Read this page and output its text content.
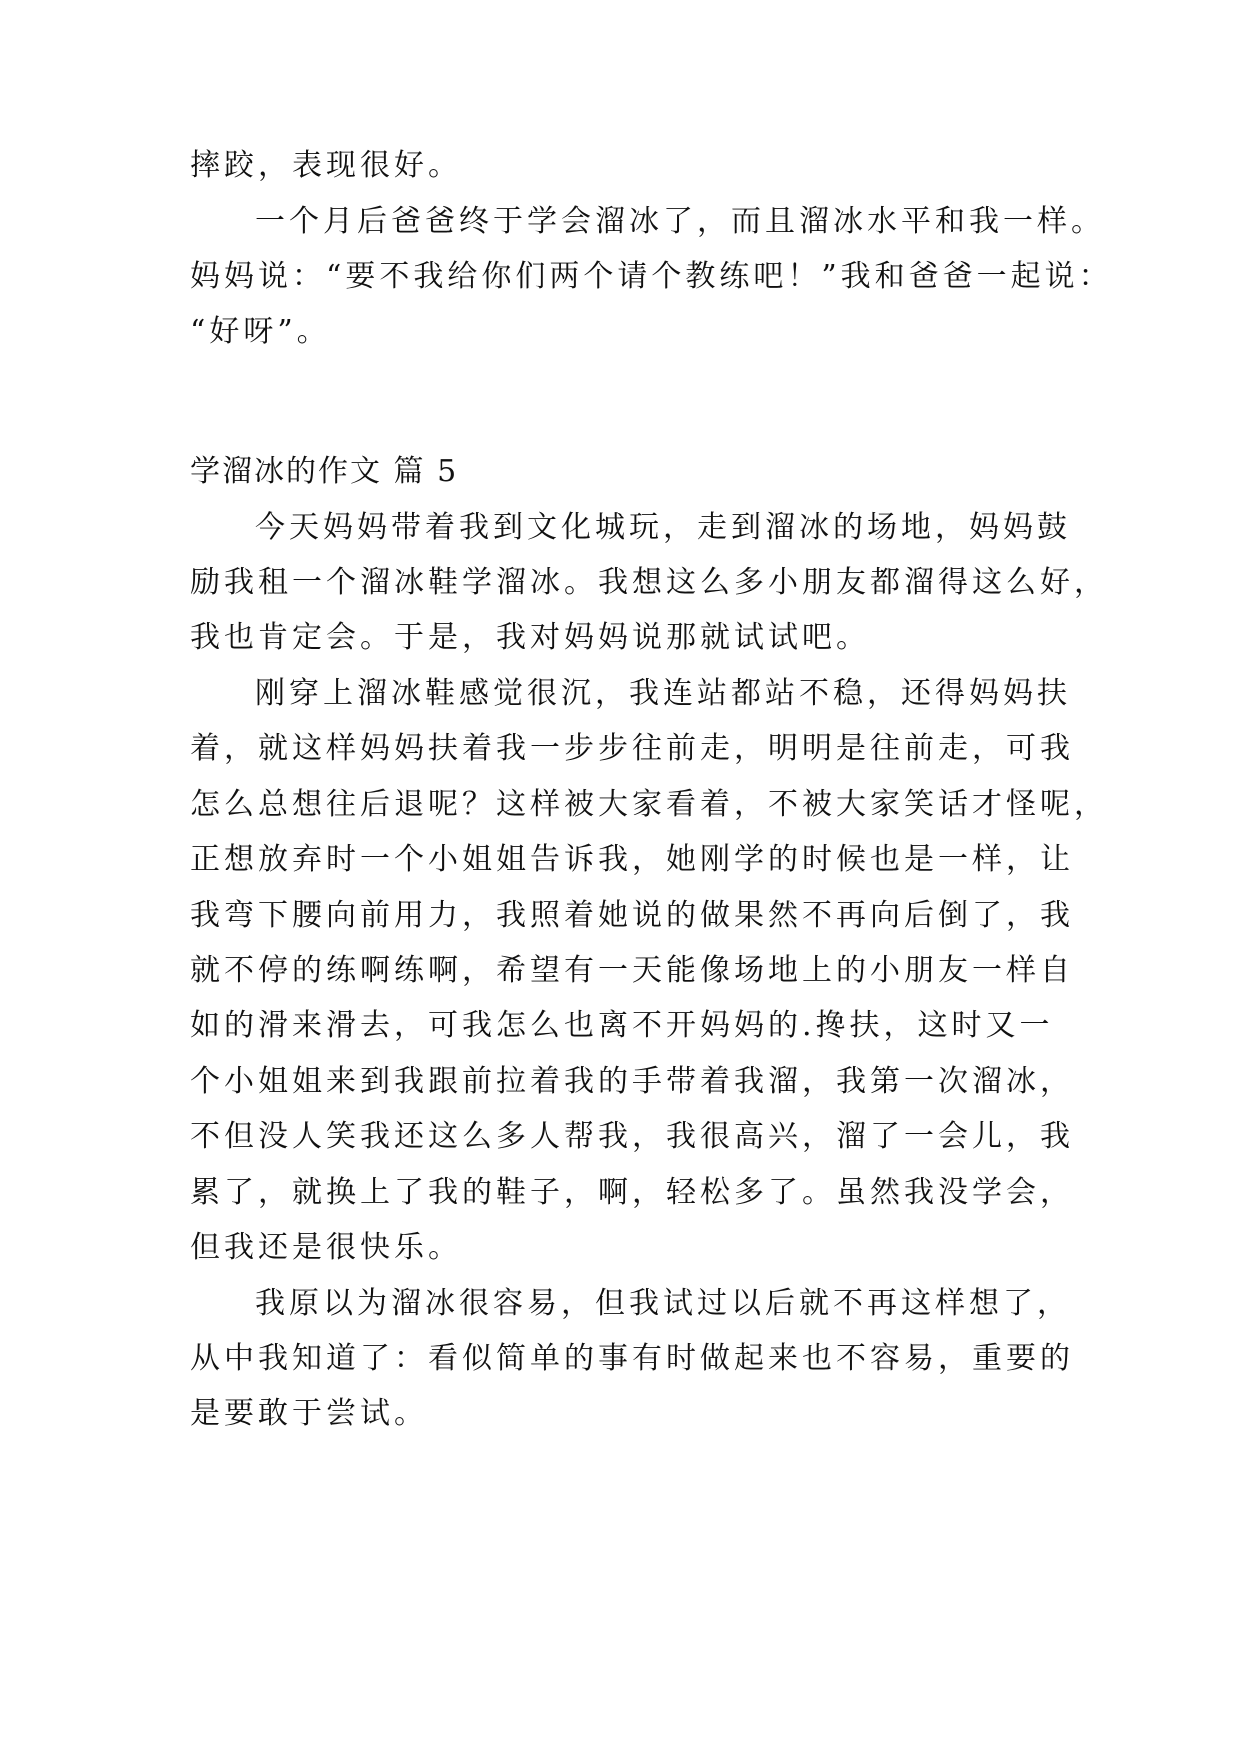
摔跤，表现很好。
一个月后爸爸终于学会溜冰了，而且溜冰水平和我一样。
妈妈说：“要不我给你们两个请个教练吧！”我和爸爸一起说：
“好呀”。
学溜冰的作文 篇 5
今天妈妈带着我到文化城玩，走到溜冰的场地，妈妈鼓
励我租一个溜冰鞋学溜冰。我想这么多小朋友都溜得这么好，
我也肯定会。于是，我对妈妈说那就试试吧。
刚穿上溜冰鞋感觉很沉，我连站都站不稳，还得妈妈扶
着，就这样妈妈扶着我一步步往前走，明明是往前走，可我
怎么总想往后退呢？这样被大家看着，不被大家笑话才怪呢，
正想放弃时一个小姐姐告诉我，她刚学的时候也是一样，让
我弯下腰向前用力，我照着她说的做果然不再向后倒了，我
就不停的练啊练啊，希望有一天能像场地上的小朋友一样自
如的滑来滑去，可我怎么也离不开妈妈的.搀扶，这时又一
个小姐姐来到我跟前拉着我的手带着我溜，我第一次溜冰，
不但没人笑我还这么多人帮我，我很高兴，溜了一会儿，我
累了，就换上了我的鞋子，啊，轻松多了。虽然我没学会，
但我还是很快乐。
我原以为溜冰很容易，但我试过以后就不再这样想了，
从中我知道了：看似简单的事有时做起来也不容易，重要的
是要敢于尝试。
